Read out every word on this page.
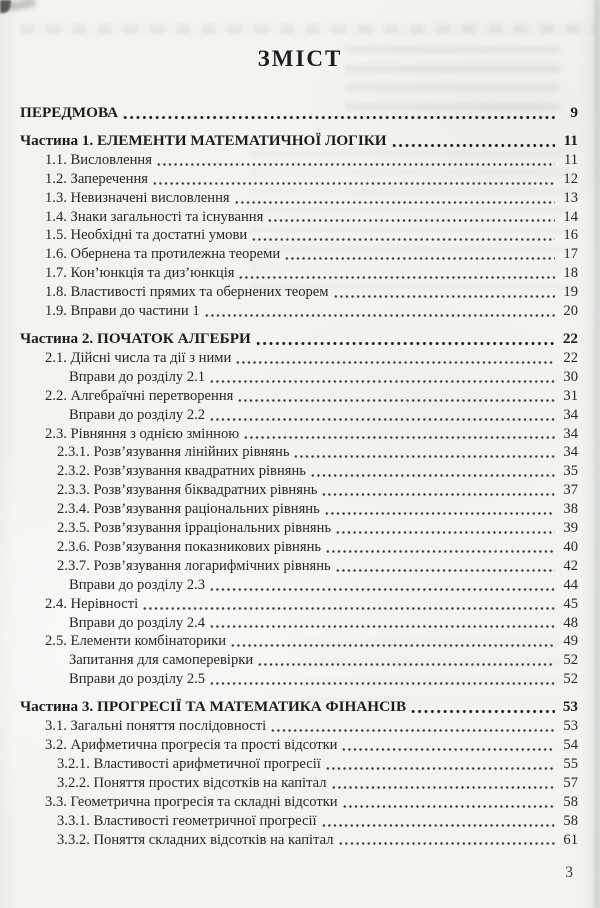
ЗМІСТ
ПЕРЕДМОВА	9
Частина 1. ЕЛЕМЕНТИ МАТЕМАТИЧНОЇ ЛОГІКИ	11
1.1. Висловлення	11
1.2. Заперечення	12
1.3. Невизначені висловлення	13
1.4. Знаки загальності та існування	14
1.5. Необхідні та достатні умови	16
1.6. Обернена та протилежна теореми	17
1.7. Кон’юнкція та диз’юнкція	18
1.8. Властивості прямих та обернених теорем	19
1.9. Вправи до частини 1	20
Частина 2. ПОЧАТОК АЛГЕБРИ	22
2.1. Дійсні числа та дії з ними	22
Вправи до розділу 2.1	30
2.2. Алгебраїчні перетворення	31
Вправи до розділу 2.2	34
2.3. Рівняння з однією змінною	34
2.3.1. Розв’язування лінійних рівнянь	34
2.3.2. Розв’язування квадратних рівнянь	35
2.3.3. Розв’язування біквадратних рівнянь	37
2.3.4. Розв’язування раціональних рівнянь	38
2.3.5. Розв’язування ірраціональних рівнянь	39
2.3.6. Розв’язування показникових рівнянь	40
2.3.7. Розв’язування логарифмічних рівнянь	42
Вправи до розділу 2.3	44
2.4. Нерівності	45
Вправи до розділу 2.4	48
2.5. Елементи комбінаторики	49
Запитання для самоперевірки	52
Вправи до розділу 2.5	52
Частина 3. ПРОГРЕСІЇ ТА МАТЕМАТИКА ФІНАНСІВ	53
3.1. Загальні поняття послідовності	53
3.2. Арифметична прогресія та прості відсотки	54
3.2.1. Властивості арифметичної прогресії	55
3.2.2. Поняття простих відсотків на капітал	57
3.3. Геометрична прогресія та складні відсотки	58
3.3.1. Властивості геометричної прогресії	58
3.3.2. Поняття складних відсотків на капітал	61
3
